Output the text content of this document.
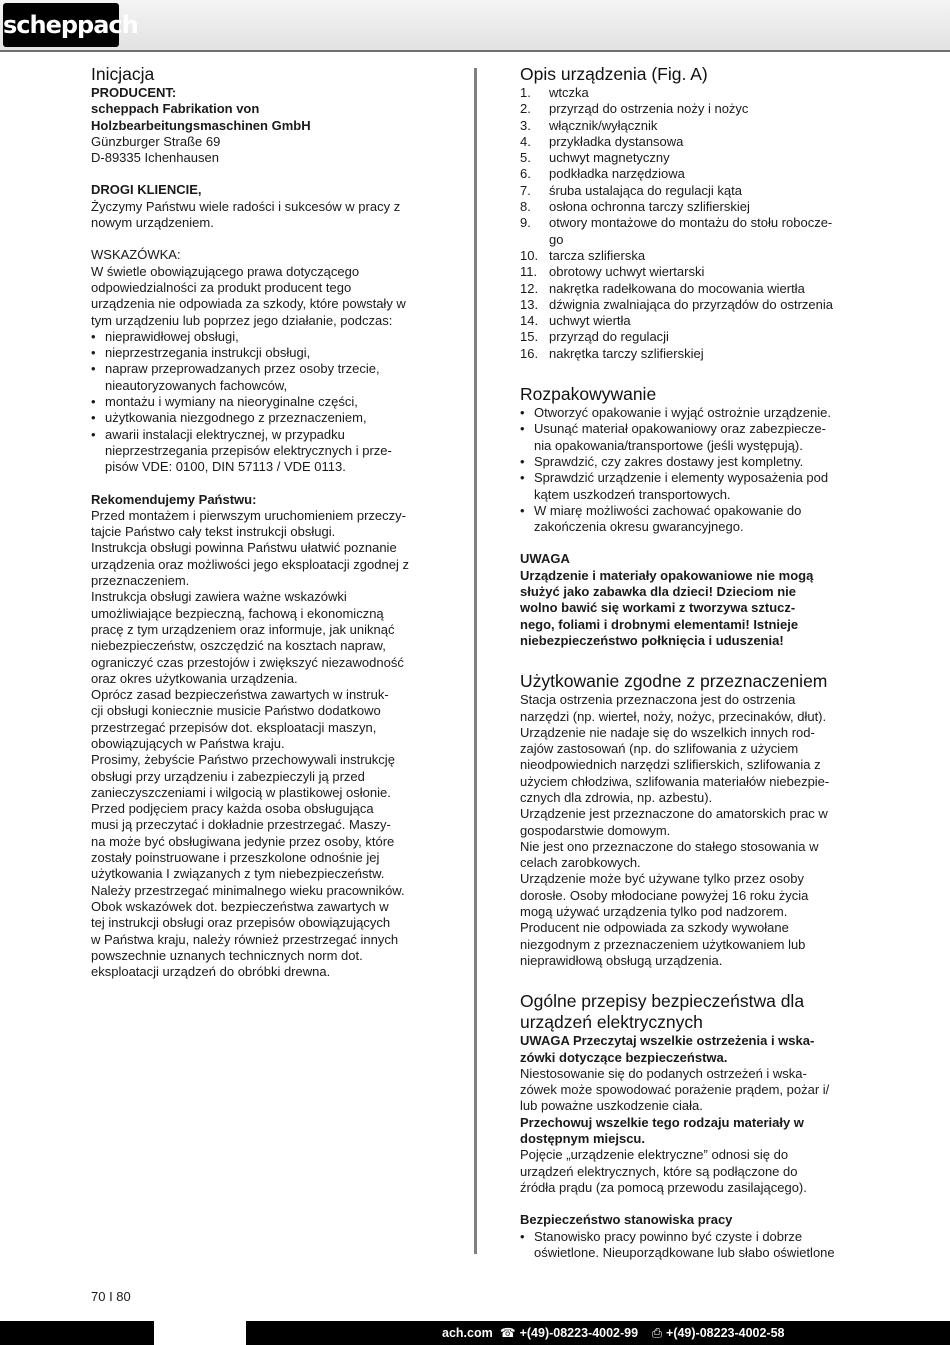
scheppach
Inicjacja

PRODUCENT:

scheppach Fabrikation von

Holzbearbeitungsmaschinen GmbH

Günzburger Straße 69

D-89335 Ichenhausen

DROGI KLIENCIE,

Życzymy Państwu wiele radości i sukcesów w pracy z

nowym urządzeniem.

WSKAZÓWKA:

W świetle obowiązującego prawa dotyczącego

odpowiedzialności za produkt producent tego

urządzenia nie odpowiada za szkody, które powstały w

tym urządzeniu lub poprzez jego działanie, podczas:

• nieprawidłowej obsługi,
• nieprzestrzegania instrukcji obsługi,
• napraw przeprowadzanych przez osoby trzecie,
nieautoryzowanych fachowców,
• montażu i wymiany na nieoryginalne części,
• użytkowania niezgodnego z przeznaczeniem,
• awarii instalacji elektrycznej, w przypadku
nieprzestrzegania przepisów elektrycznych i prze-
pisów VDE: 0100, DIN 57113 / VDE 0113.

Rekomendujemy Państwu:

Przed montażem i pierwszym uruchomieniem przeczy-

tajcie Państwo cały tekst instrukcji obsługi.

Instrukcja obsługi powinna Państwu ułatwić poznanie

urządzenia oraz możliwości jego eksploatacji zgodnej z

przeznaczeniem.

Instrukcja obsługi zawiera ważne wskazówki

umożliwiające bezpieczną, fachową i ekonomiczną

pracę z tym urządzeniem oraz informuje, jak uniknąć

niebezpieczeństw, oszczędzić na kosztach napraw,

ograniczyć czas przestojów i zwiększyć niezawodność

oraz okres użytkowania urządzenia.

Oprócz zasad bezpieczeństwa zawartych w instruk-

cji obsługi koniecznie musicie Państwo dodatkowo

przestrzegać przepisów dot. eksploatacji maszyn,

obowiązujących w Państwa kraju.

Prosimy, żebyście Państwo przechowywali instrukcję

obsługi przy urządzeniu i zabezpieczyli ją przed

zanieczyszczeniami i wilgocią w plastikowej osłonie.

Przed podjęciem pracy każda osoba obsługująca

musi ją przeczytać i dokładnie przestrzegać. Maszy-

na może być obsługiwana jedynie przez osoby, które

zostały poinstruowane i przeszkolone odnośnie jej

użytkowania I związanych z tym niebezpieczeństw.

Należy przestrzegać minimalnego wieku pracowników.

Obok wskazówek dot. bezpieczeństwa zawartych w

tej instrukcji obsługi oraz przepisów obowiązujących

w Państwa kraju, należy również przestrzegać innych

powszechnie uznanych technicznych norm dot.

eksploatacji urządzeń do obróbki drewna.

Opis urządzenia (Fig. A)
1. wtczka
2. przyrząd do ostrzenia noży i nożyc
3. włącznik/wyłącznik
4. przykładka dystansowa
5. uchwyt magnetyczny
6. podkładka narzędziowa
7. śruba ustalająca do regulacji kąta
8. osłona ochronna tarczy szlifierskiej
9. otwory montażowe do montażu do stołu robocze-
go
10. tarcza szlifierska
11. obrotowy uchwyt wiertarski
12. nakrętka radełkowana do mocowania wiertła
13. dźwignia zwalniająca do przyrządów do ostrzenia
14. uchwyt wiertła
15. przyrząd do regulacji
16. nakrętka tarczy szlifierskiej
Rozpakowywanie
• Otworzyć opakowanie i wyjąć ostrożnie urządzenie.
• Usunąć materiał opakowaniowy oraz zabezpiecze-
nia opakowania/transportowe (jeśli występują).
• Sprawdzić, czy zakres dostawy jest kompletny.
• Sprawdzić urządzenie i elementy wyposażenia pod
kątem uszkodzeń transportowych.
• W miarę możliwości zachować opakowanie do
zakończenia okresu gwarancyjnego.

UWAGA

Urządzenie i materiały opakowaniowe nie mogą

służyć jako zabawka dla dzieci! Dzieciom nie

wolno bawić się workami z tworzywa sztucz-

nego, foliami i drobnymi elementami! Istnieje

niebezpieczeństwo połknięcia i uduszenia!

Użytkowanie zgodne z przeznaczeniem

Stacja ostrzenia przeznaczona jest do ostrzenia

narzędzi (np. wierteł, noży, nożyc, przecinaków, dłut).

Urządzenie nie nadaje się do wszelkich innych rod-

zajów zastosowań (np. do szlifowania z użyciem

nieodpowiednich narzędzi szlifierskich, szlifowania z

użyciem chłodziwa, szlifowania materiałów niebezpie-

cznych dla zdrowia, np. azbestu).

Urządzenie jest przeznaczone do amatorskich prac w

gospodarstwie domowym.

Nie jest ono przeznaczone do stałego stosowania w

celach zarobkowych.

Urządzenie może być używane tylko przez osoby

dorosłe. Osoby młodociane powyżej 16 roku życia

mogą używać urządzenia tylko pod nadzorem.

Producent nie odpowiada za szkody wywołane

niezgodnym z przeznaczeniem użytkowaniem lub

nieprawidłową obsługą urządzenia.

Ogólne przepisy bezpieczeństwa dla
urządzeń elektrycznych

UWAGA Przeczytaj wszelkie ostrzeżenia i wska-

zówki dotyczące bezpieczeństwa.

Niestosowanie się do podanych ostrzeżeń i wska-

zówek może spowodować porażenie prądem, pożar i/

lub poważne uszkodzenie ciała.

Przechowuj wszelkie tego rodzaju materiały w

dostępnym miejscu.

Pojęcie „urządzenie elektryczne” odnosi się do

urządzeń elektrycznych, które są podłączone do

źródła prądu (za pomocą przewodu zasilającego).

Bezpieczeństwo stanowiska pracy

• Stanowisko pracy powinno być czyste i dobrze
oświetlone. Nieuporządkowane lub słabo oświetlone
70 I 80
ach.com ☎ +(49)-08223-4002-99 ⎙ +(49)-08223-4002-58
